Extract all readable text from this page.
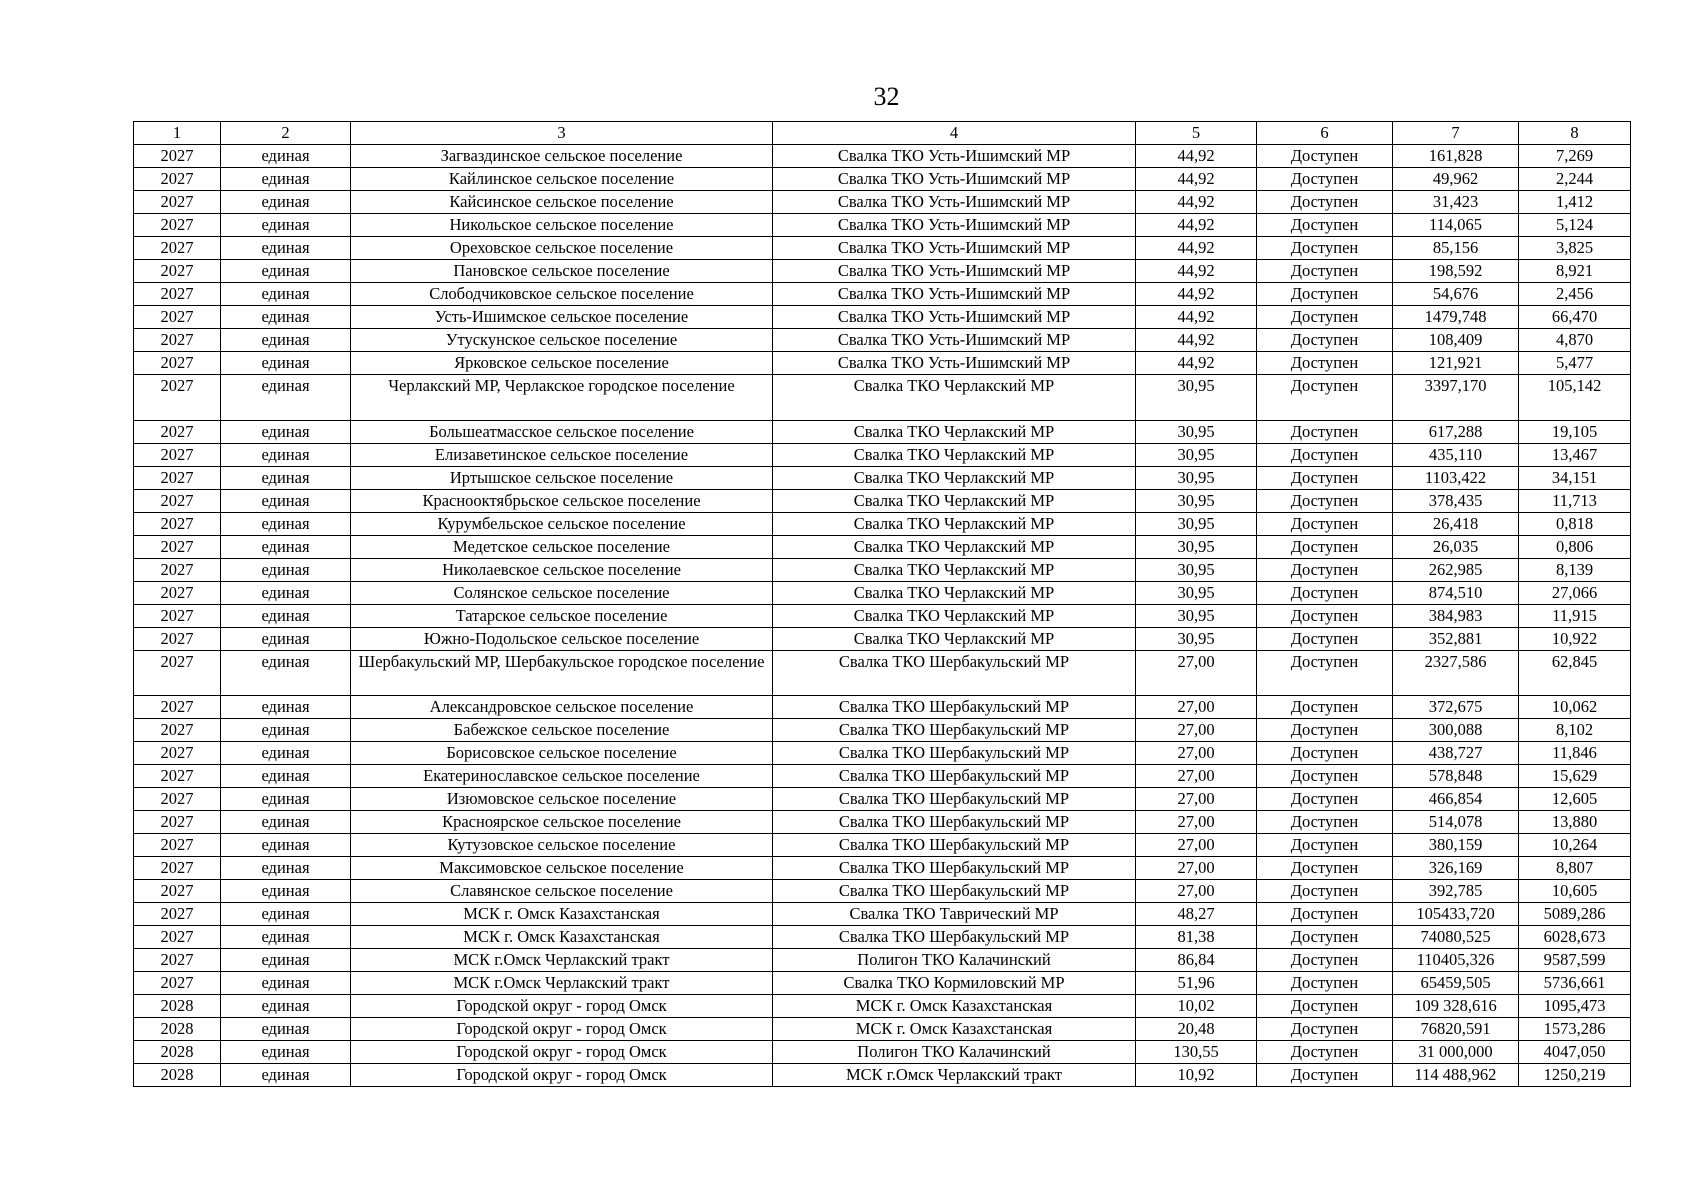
32
1	2	3	4	5	6	7	8
2027	единая	Загваздинское сельское поселение	Свалка ТКО Усть-Ишимский МР	44,92	Доступен	161,828	7,269
2027	единая	Кайлинское сельское поселение	Свалка ТКО Усть-Ишимский МР	44,92	Доступен	49,962	2,244
2027	единая	Кайсинское сельское поселение	Свалка ТКО Усть-Ишимский МР	44,92	Доступен	31,423	1,412
2027	единая	Никольское сельское поселение	Свалка ТКО Усть-Ишимский МР	44,92	Доступен	114,065	5,124
2027	единая	Ореховское сельское поселение	Свалка ТКО Усть-Ишимский МР	44,92	Доступен	85,156	3,825
2027	единая	Пановское сельское поселение	Свалка ТКО Усть-Ишимский МР	44,92	Доступен	198,592	8,921
2027	единая	Слободчиковское сельское поселение	Свалка ТКО Усть-Ишимский МР	44,92	Доступен	54,676	2,456
2027	единая	Усть-Ишимское сельское поселение	Свалка ТКО Усть-Ишимский МР	44,92	Доступен	1479,748	66,470
2027	единая	Утускунское сельское поселение	Свалка ТКО Усть-Ишимский МР	44,92	Доступен	108,409	4,870
2027	единая	Ярковское сельское поселение	Свалка ТКО Усть-Ишимский МР	44,92	Доступен	121,921	5,477
2027	единая	Черлакский МР, Черлакское городское поселение	Свалка ТКО Черлакский МР	30,95	Доступен	3397,170	105,142
2027	единая	Большеатмасское сельское поселение	Свалка ТКО Черлакский МР	30,95	Доступен	617,288	19,105
2027	единая	Елизаветинское сельское поселение	Свалка ТКО Черлакский МР	30,95	Доступен	435,110	13,467
2027	единая	Иртышское сельское поселение	Свалка ТКО Черлакский МР	30,95	Доступен	1103,422	34,151
2027	единая	Краснооктябрьское сельское поселение	Свалка ТКО Черлакский МР	30,95	Доступен	378,435	11,713
2027	единая	Курумбельское сельское поселение	Свалка ТКО Черлакский МР	30,95	Доступен	26,418	0,818
2027	единая	Медетское сельское поселение	Свалка ТКО Черлакский МР	30,95	Доступен	26,035	0,806
2027	единая	Николаевское сельское поселение	Свалка ТКО Черлакский МР	30,95	Доступен	262,985	8,139
2027	единая	Солянское сельское поселение	Свалка ТКО Черлакский МР	30,95	Доступен	874,510	27,066
2027	единая	Татарское сельское поселение	Свалка ТКО Черлакский МР	30,95	Доступен	384,983	11,915
2027	единая	Южно-Подольское сельское поселение	Свалка ТКО Черлакский МР	30,95	Доступен	352,881	10,922
2027	единая	Шербакульский МР, Шербакульское городское поселение	Свалка ТКО Шербакульский МР	27,00	Доступен	2327,586	62,845
2027	единая	Александровское сельское поселение	Свалка ТКО Шербакульский МР	27,00	Доступен	372,675	10,062
2027	единая	Бабежское сельское поселение	Свалка ТКО Шербакульский МР	27,00	Доступен	300,088	8,102
2027	единая	Борисовское сельское поселение	Свалка ТКО Шербакульский МР	27,00	Доступен	438,727	11,846
2027	единая	Екатеринославское сельское поселение	Свалка ТКО Шербакульский МР	27,00	Доступен	578,848	15,629
2027	единая	Изюмовское сельское поселение	Свалка ТКО Шербакульский МР	27,00	Доступен	466,854	12,605
2027	единая	Красноярское сельское поселение	Свалка ТКО Шербакульский МР	27,00	Доступен	514,078	13,880
2027	единая	Кутузовское сельское поселение	Свалка ТКО Шербакульский МР	27,00	Доступен	380,159	10,264
2027	единая	Максимовское сельское поселение	Свалка ТКО Шербакульский МР	27,00	Доступен	326,169	8,807
2027	единая	Славянское сельское поселение	Свалка ТКО Шербакульский МР	27,00	Доступен	392,785	10,605
2027	единая	МСК г. Омск Казахстанская	Свалка ТКО Таврический МР	48,27	Доступен	105433,720	5089,286
2027	единая	МСК г. Омск Казахстанская	Свалка ТКО Шербакульский МР	81,38	Доступен	74080,525	6028,673
2027	единая	МСК г.Омск Черлакский тракт	Полигон ТКО Калачинский	86,84	Доступен	110405,326	9587,599
2027	единая	МСК г.Омск Черлакский тракт	Свалка ТКО Кормиловский МР	51,96	Доступен	65459,505	5736,661
2028	единая	Городской округ - город Омск	МСК г. Омск Казахстанская	10,02	Доступен	109 328,616	1095,473
2028	единая	Городской округ - город Омск	МСК г. Омск Казахстанская	20,48	Доступен	76820,591	1573,286
2028	единая	Городской округ - город Омск	Полигон ТКО Калачинский	130,55	Доступен	31 000,000	4047,050
2028	единая	Городской округ - город Омск	МСК г.Омск Черлакский тракт	10,92	Доступен	114 488,962	1250,219
